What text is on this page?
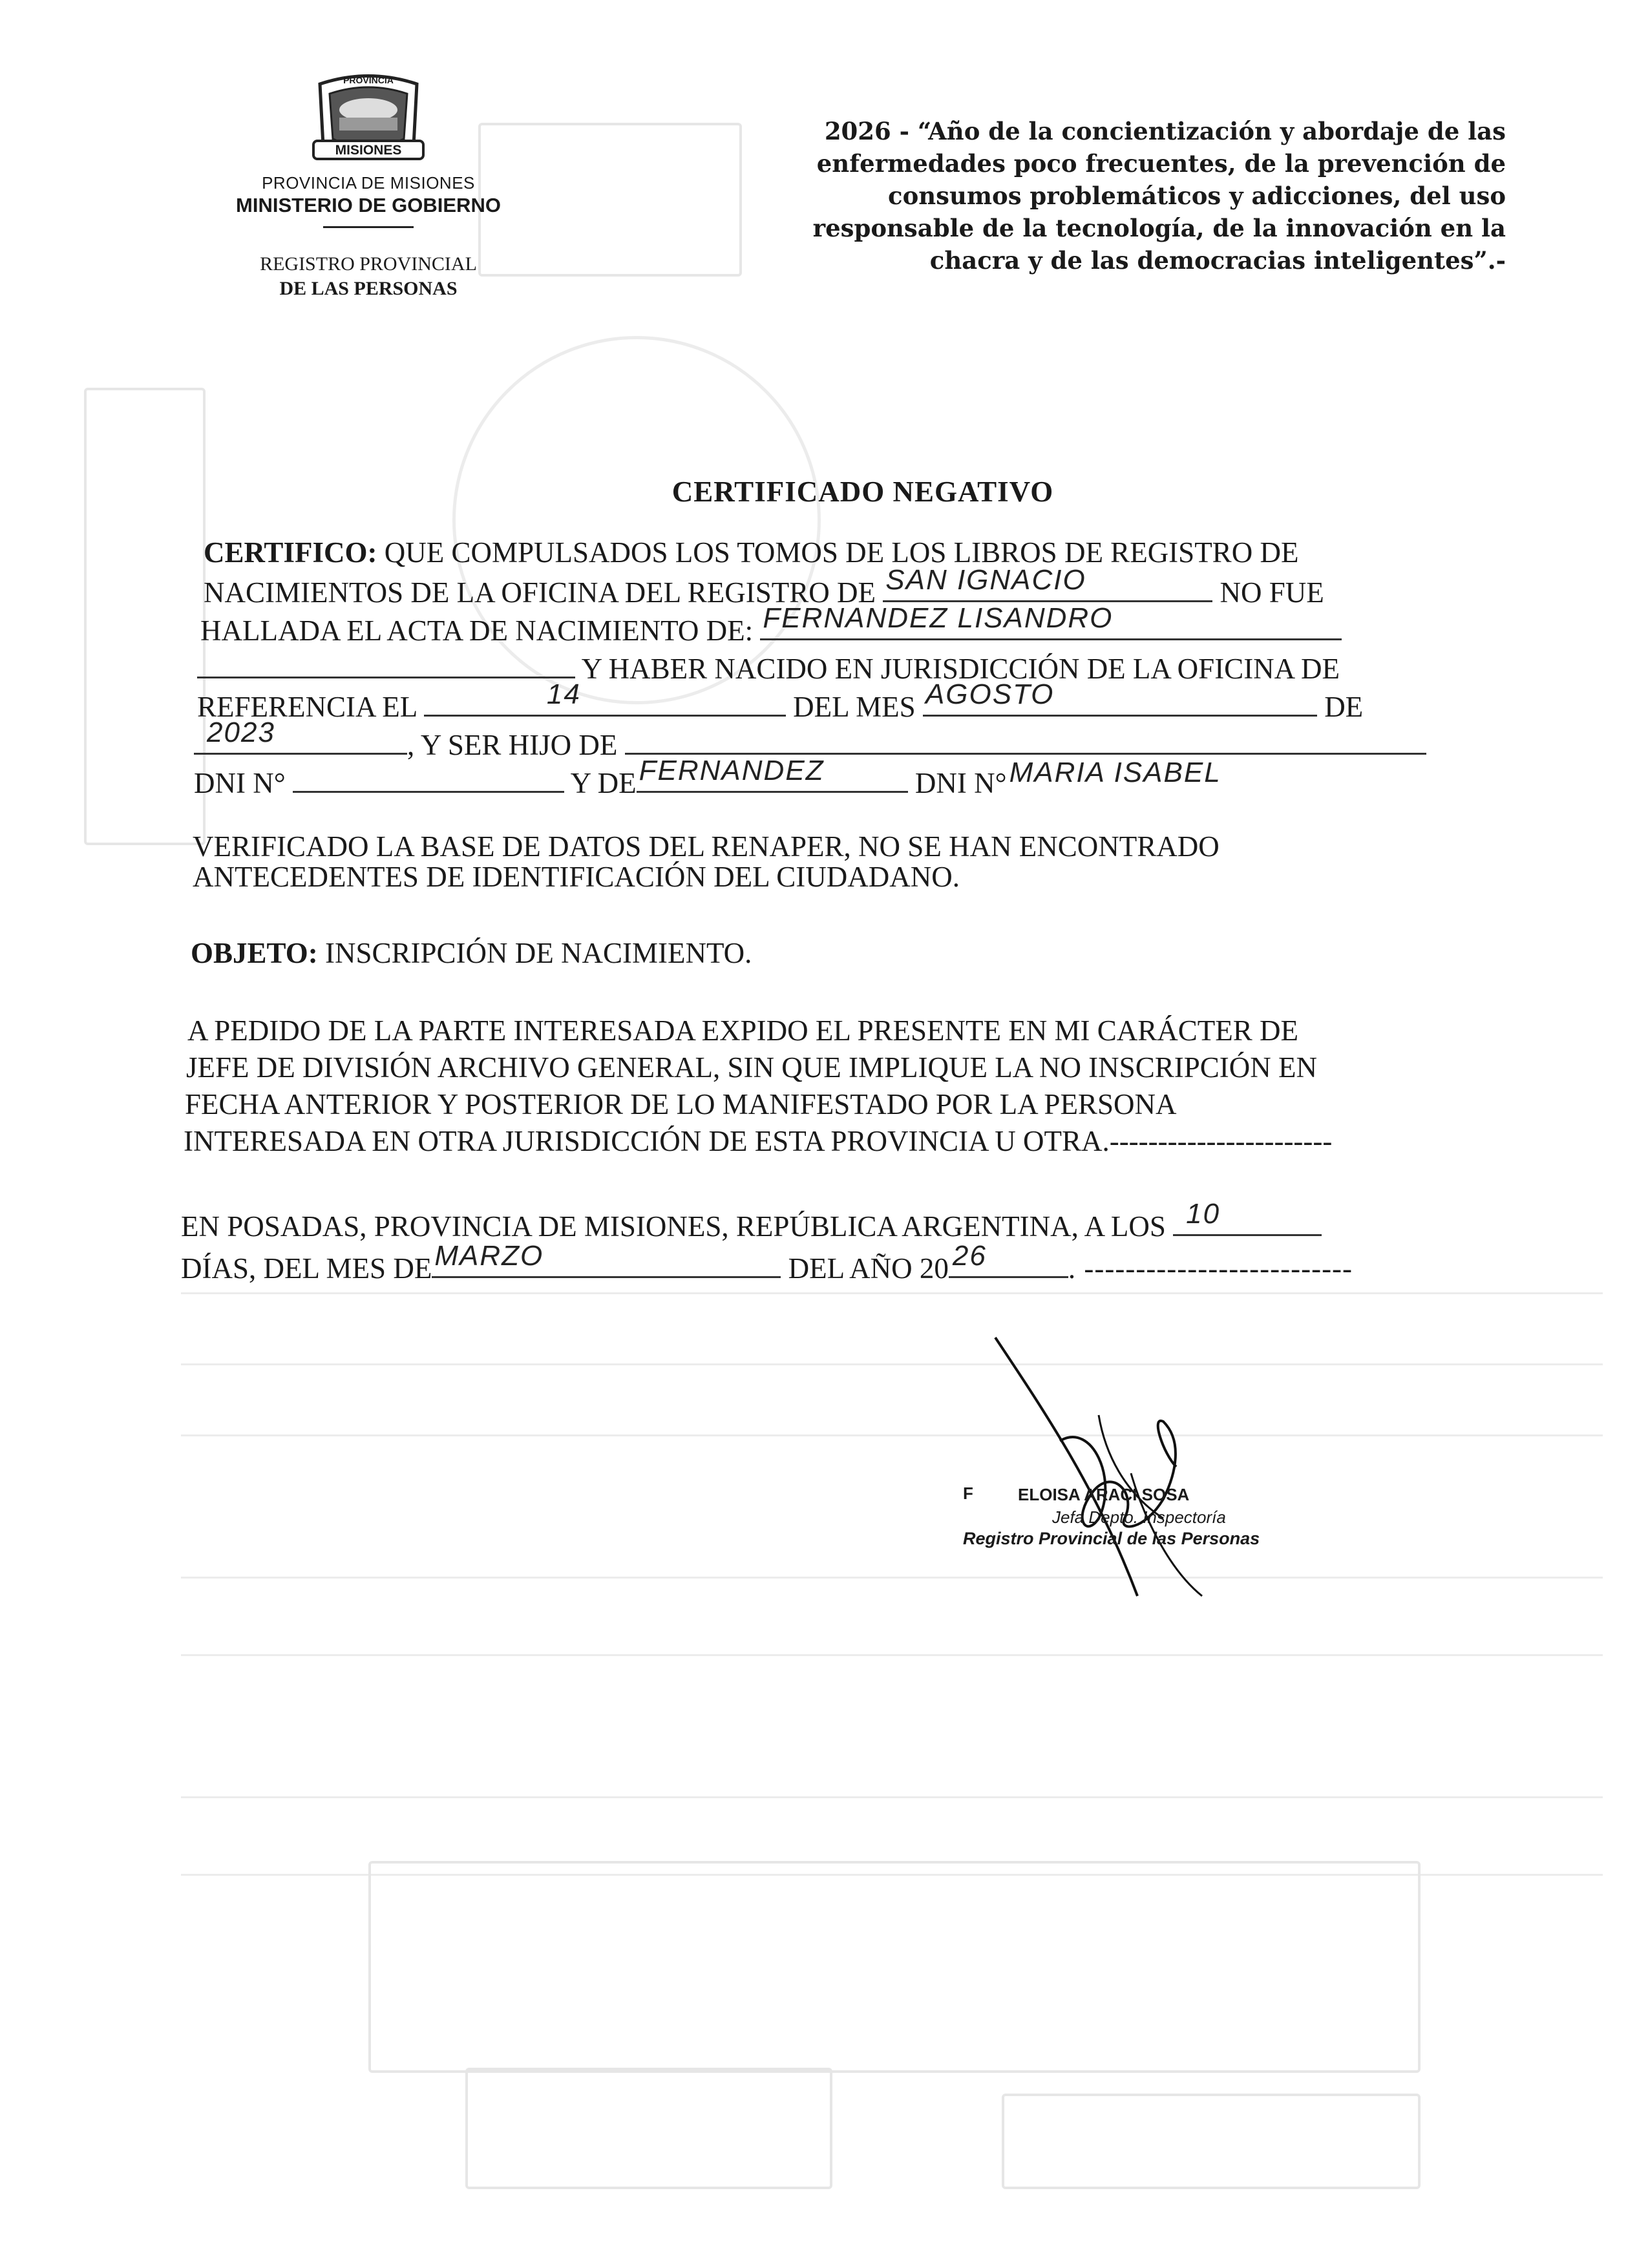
PROVINCIA
MISIONES
PROVINCIA DE MISIONES
MINISTERIO DE GOBIERNO
REGISTRO PROVINCIAL
DE LAS PERSONAS
2026 - “Año de la concientización y abordaje de las
enfermedades poco frecuentes, de la prevención de
consumos problemáticos y adicciones, del uso
responsable de la tecnología, de la innovación en la
chacra y de las democracias inteligentes”.-
CERTIFICADO NEGATIVO
CERTIFICO: QUE COMPULSADOS LOS TOMOS DE LOS LIBROS DE REGISTRO DE
NACIMIENTOS DE LA OFICINA DEL REGISTRO DE SAN IGNACIO	NO FUE
HALLADA EL ACTA DE NACIMIENTO DE: FERNANDEZ LISANDRO
Y HABER NACIDO EN JURISDICCIÓN DE LA OFICINA DE
REFERENCIA EL	14	DEL MES AGOSTO	DE
2023	, Y SER HIJO DE
DNI N°	Y DE FERNANDEZ	DNI N° MARIA ISABEL
VERIFICADO LA BASE DE DATOS DEL RENAPER, NO SE HAN ENCONTRADO
ANTECEDENTES DE IDENTIFICACIÓN DEL CIUDADANO.
OBJETO: INSCRIPCIÓN DE NACIMIENTO.
A PEDIDO DE LA PARTE INTERESADA EXPIDO EL PRESENTE EN MI CARÁCTER DE
JEFE DE DIVISIÓN ARCHIVO GENERAL, SIN QUE IMPLIQUE LA NO INSCRIPCIÓN EN
FECHA ANTERIOR Y POSTERIOR DE LO MANIFESTADO POR LA PERSONA
INTERESADA EN OTRA JURISDICCIÓN DE ESTA PROVINCIA U OTRA.-----------------------
EN POSADAS, PROVINCIA DE MISIONES, REPÚBLICA ARGENTINA, A LOS 10
DÍAS, DEL MES DE MARZO	DEL AÑO 20 26	. --------------------------
F	ELOISA ARACI SOSA
Jefa Depto. Inspectoría
Registro Provincial de las Personas
